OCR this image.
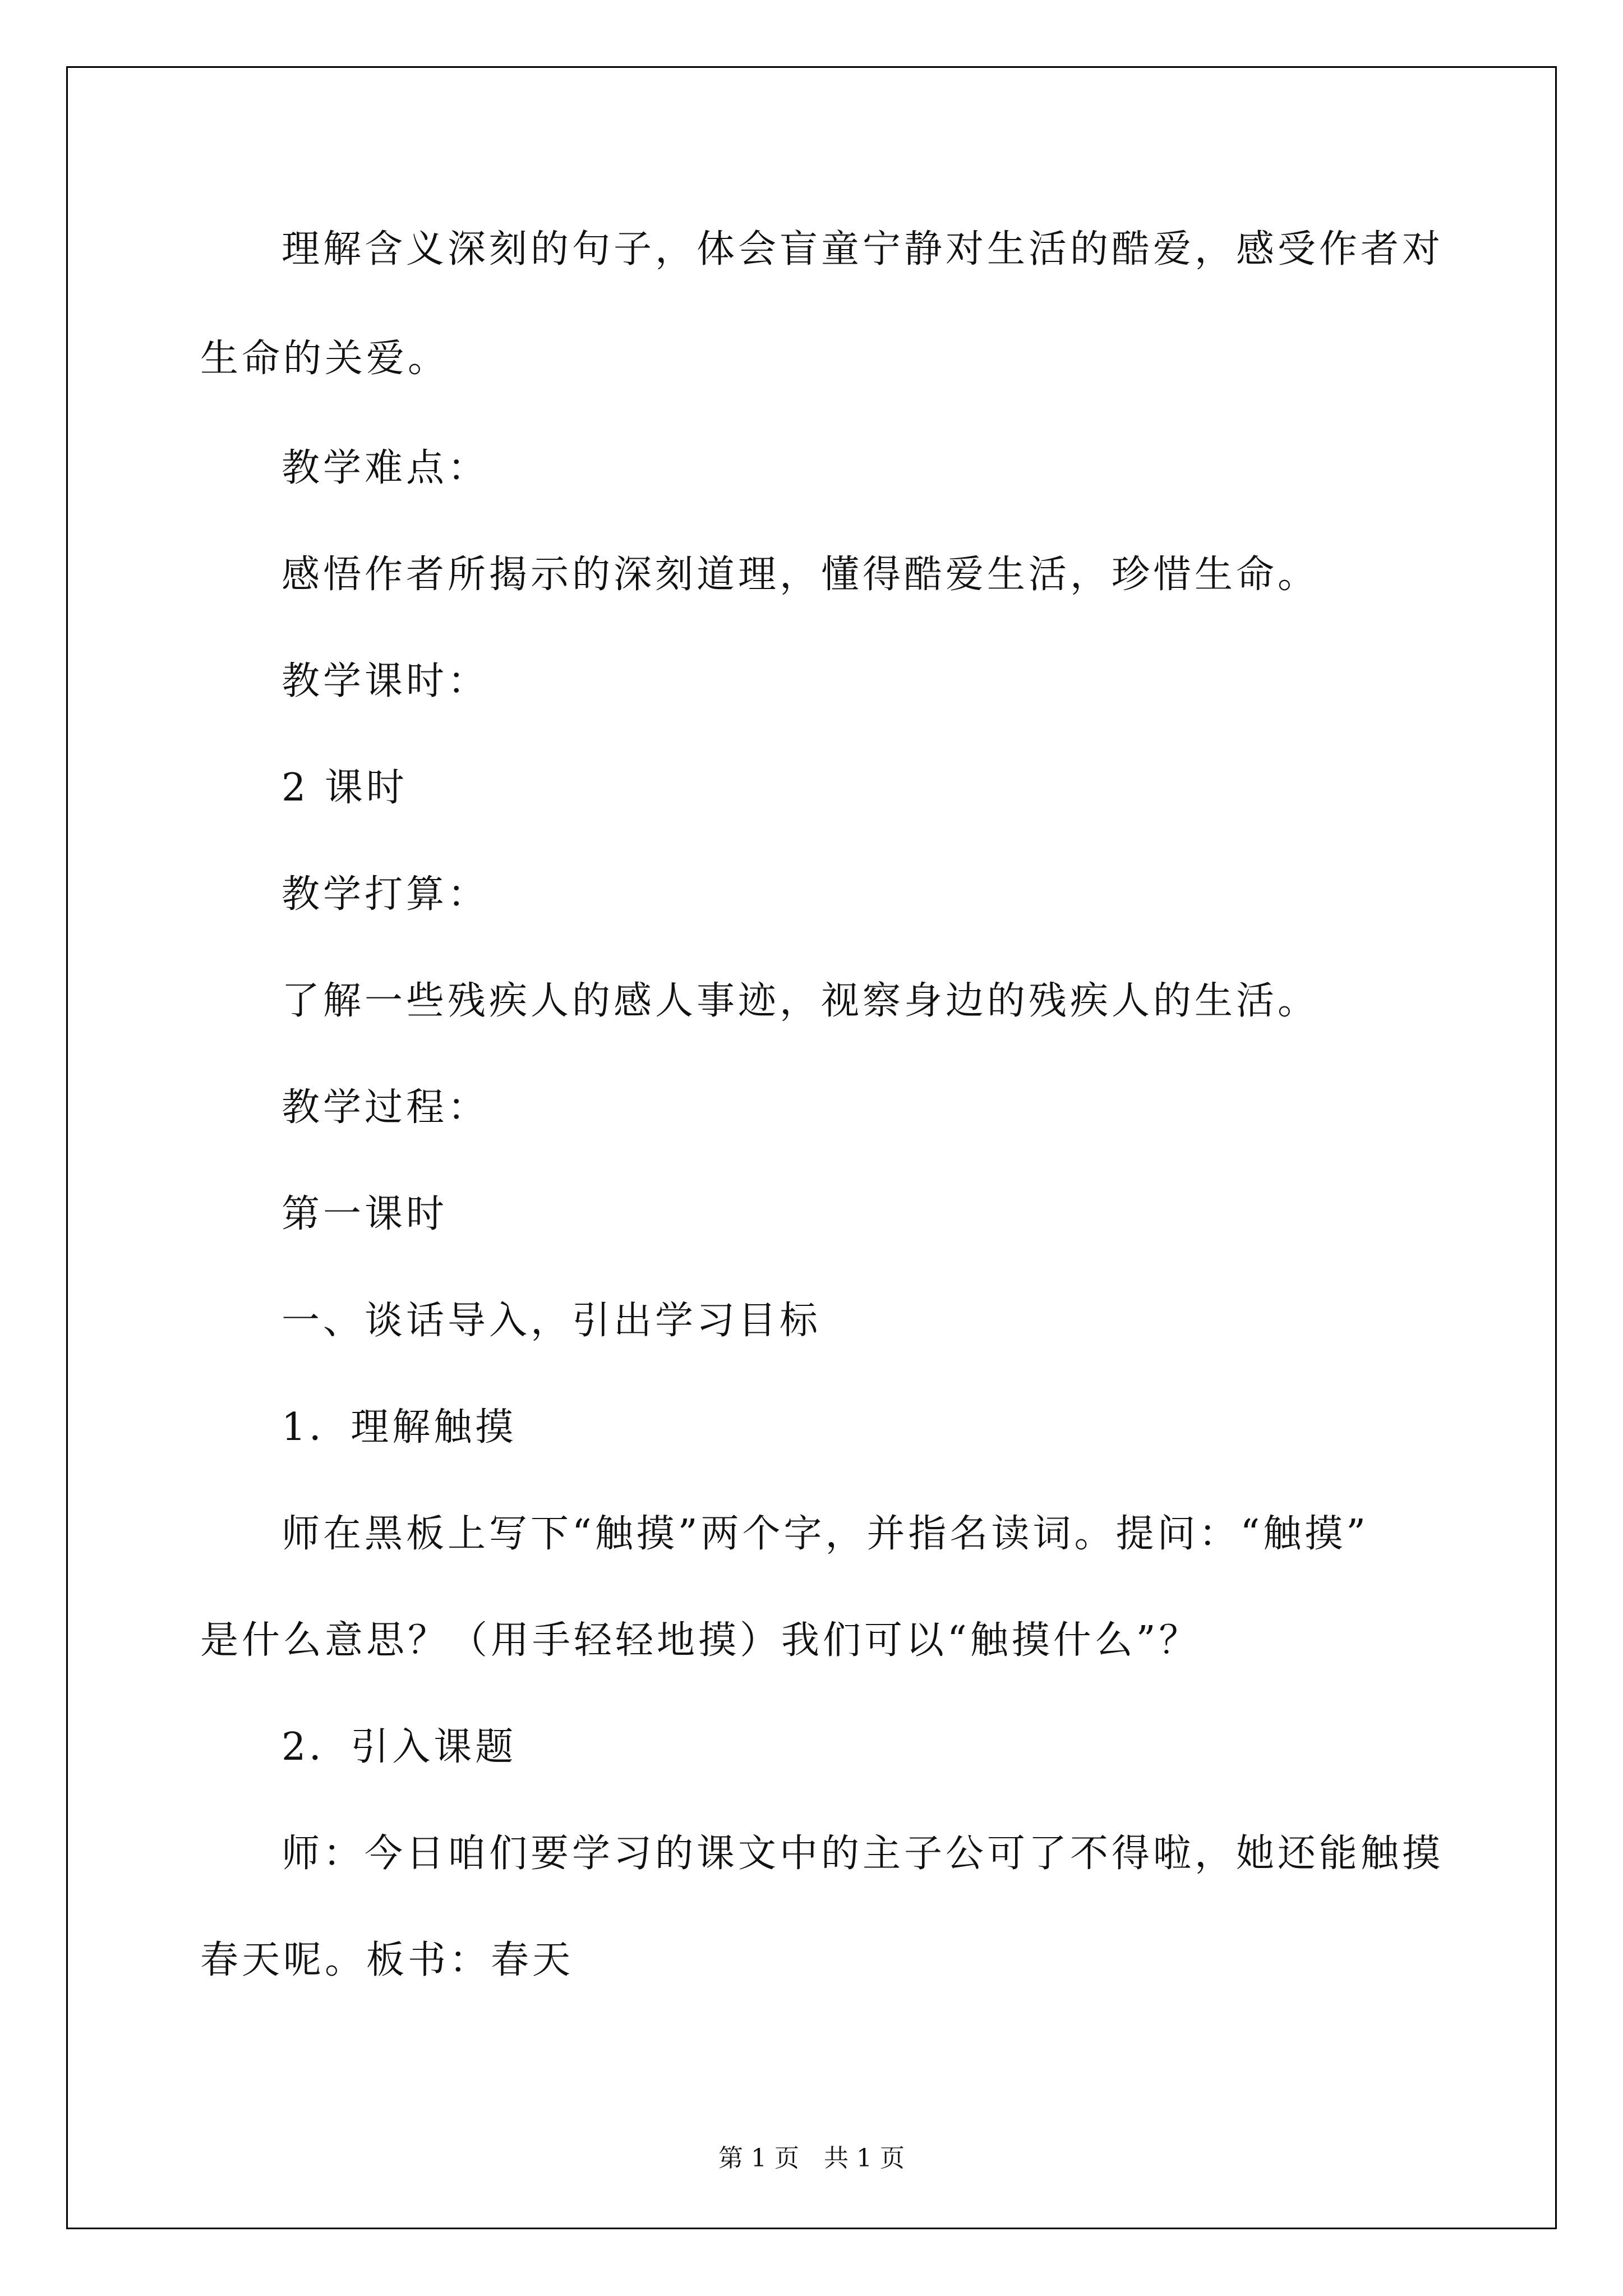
理解含义深刻的句子，体会盲童宁静对生活的酷爱，感受作者对
生命的关爱。
教学难点：
感悟作者所揭示的深刻道理，懂得酷爱生活，珍惜生命。
教学课时：
2 课时
教学打算：
了解一些残疾人的感人事迹，视察身边的残疾人的生活。
教学过程：
第一课时
一、谈话导入，引出学习目标
1．理解触摸
师在黑板上写下“触摸”两个字，并指名读词。提问：“触摸”
是什么意思？（用手轻轻地摸）我们可以“触摸什么”？
2．引入课题
师：今日咱们要学习的课文中的主子公可了不得啦，她还能触摸
春天呢。板书：春天
第 1 页　共 1 页
